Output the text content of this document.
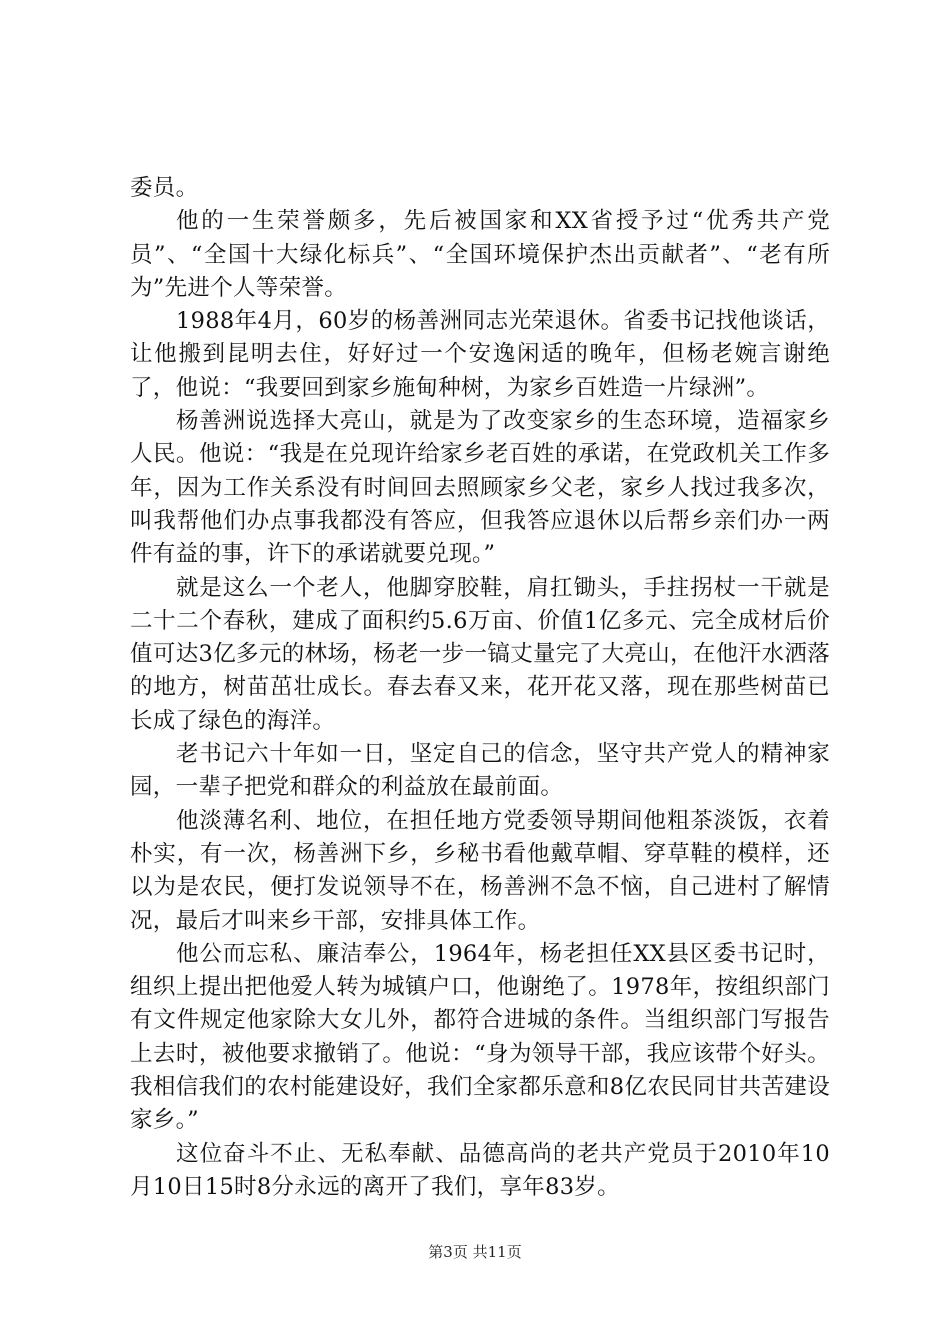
委员。

他的一生荣誉颇多，先后被国家和XX省授予过“优秀共产党员”、“全国十大绿化标兵”、“全国环境保护杰出贡献者”、“老有所为”先进个人等荣誉。

1988年4月，60岁的杨善洲同志光荣退休。省委书记找他谈话，让他搬到昆明去住，好好过一个安逸闲适的晚年，但杨老婉言谢绝了，他说：“我要回到家乡施甸种树，为家乡百姓造一片绿洲”。

杨善洲说选择大亮山，就是为了改变家乡的生态环境，造福家乡人民。他说：“我是在兑现许给家乡老百姓的承诺，在党政机关工作多年，因为工作关系没有时间回去照顾家乡父老，家乡人找过我多次，叫我帮他们办点事我都没有答应，但我答应退休以后帮乡亲们办一两件有益的事，许下的承诺就要兑现。”

就是这么一个老人，他脚穿胶鞋，肩扛锄头，手拄拐杖一干就是二十二个春秋，建成了面积约5.6万亩、价值1亿多元、完全成材后价值可达3亿多元的林场，杨老一步一镐丈量完了大亮山，在他汗水洒落的地方，树苗茁壮成长。春去春又来，花开花又落，现在那些树苗已长成了绿色的海洋。

老书记六十年如一日，坚定自己的信念，坚守共产党人的精神家园，一辈子把党和群众的利益放在最前面。

他淡薄名利、地位，在担任地方党委领导期间他粗茶淡饭，衣着朴实，有一次，杨善洲下乡，乡秘书看他戴草帽、穿草鞋的模样，还以为是农民，便打发说领导不在，杨善洲不急不恼，自己进村了解情况，最后才叫来乡干部，安排具体工作。

他公而忘私、廉洁奉公，1964年，杨老担任XX县区委书记时，组织上提出把他爱人转为城镇户口，他谢绝了。1978年，按组织部门有文件规定他家除大女儿外，都符合进城的条件。当组织部门写报告上去时，被他要求撤销了。他说：“身为领导干部，我应该带个好头。我相信我们的农村能建设好，我们全家都乐意和8亿农民同甘共苦建设家乡。”

这位奋斗不止、无私奉献、品德高尚的老共产党员于2010年10月10日15时8分永远的离开了我们，享年83岁。

第3页 共11页
